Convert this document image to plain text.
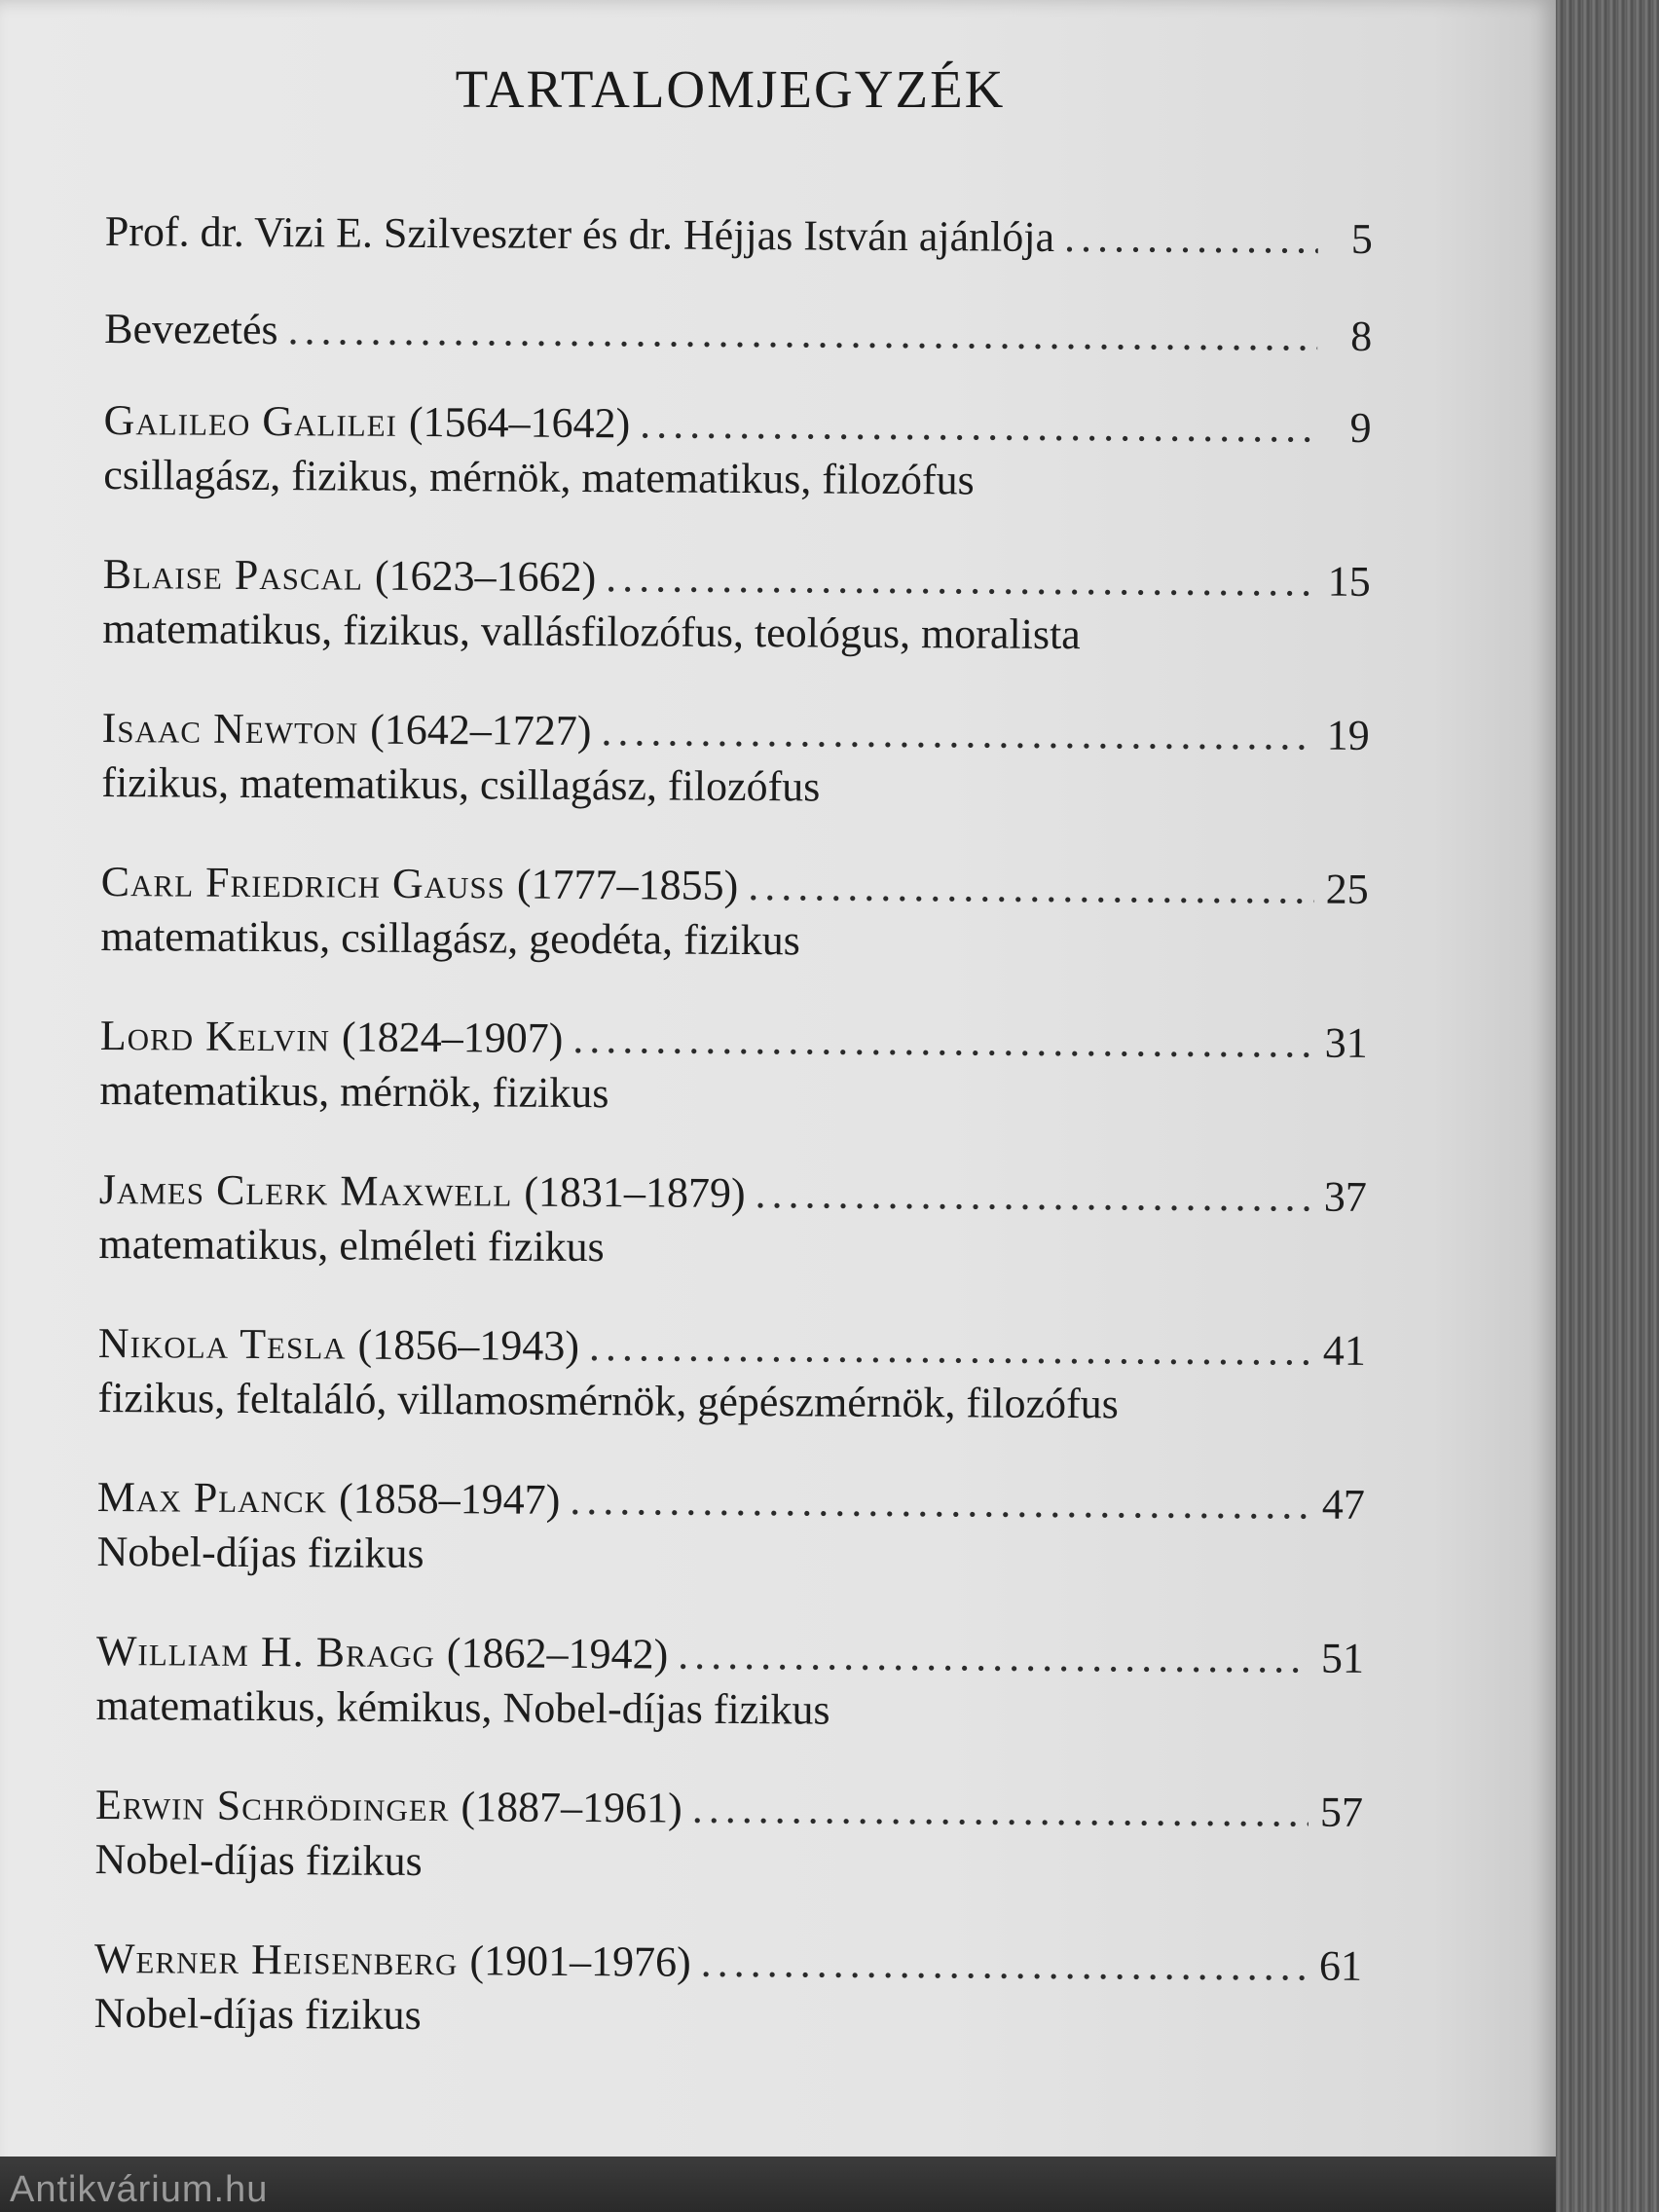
TARTALOMJEGYZÉK
Prof. dr. Vizi E. Szilveszter és dr. Héjjas István ajánlója .....	5
Bevezetés .....	8
Galileo Galilei (1564–1642) .....	9
csillagász, fizikus, mérnök, matematikus, filozófus
Blaise Pascal (1623–1662) .....	15
matematikus, fizikus, vallásfilozófus, teológus, moralista
Isaac Newton (1642–1727) .....	19
fizikus, matematikus, csillagász, filozófus
Carl Friedrich Gauss (1777–1855) .....	25
matematikus, csillagász, geodéta, fizikus
Lord Kelvin (1824–1907) .....	31
matematikus, mérnök, fizikus
James Clerk Maxwell (1831–1879) .....	37
matematikus, elméleti fizikus
Nikola Tesla (1856–1943) .....	41
fizikus, feltaláló, villamosmérnök, gépészmérnök, filozófus
Max Planck (1858–1947) .....	47
Nobel-díjas fizikus
William H. Bragg (1862–1942) .....	51
matematikus, kémikus, Nobel-díjas fizikus
Erwin Schrödinger (1887–1961) .....	57
Nobel-díjas fizikus
Werner Heisenberg (1901–1976) .....	61
Nobel-díjas fizikus
Antikvárium.hu
